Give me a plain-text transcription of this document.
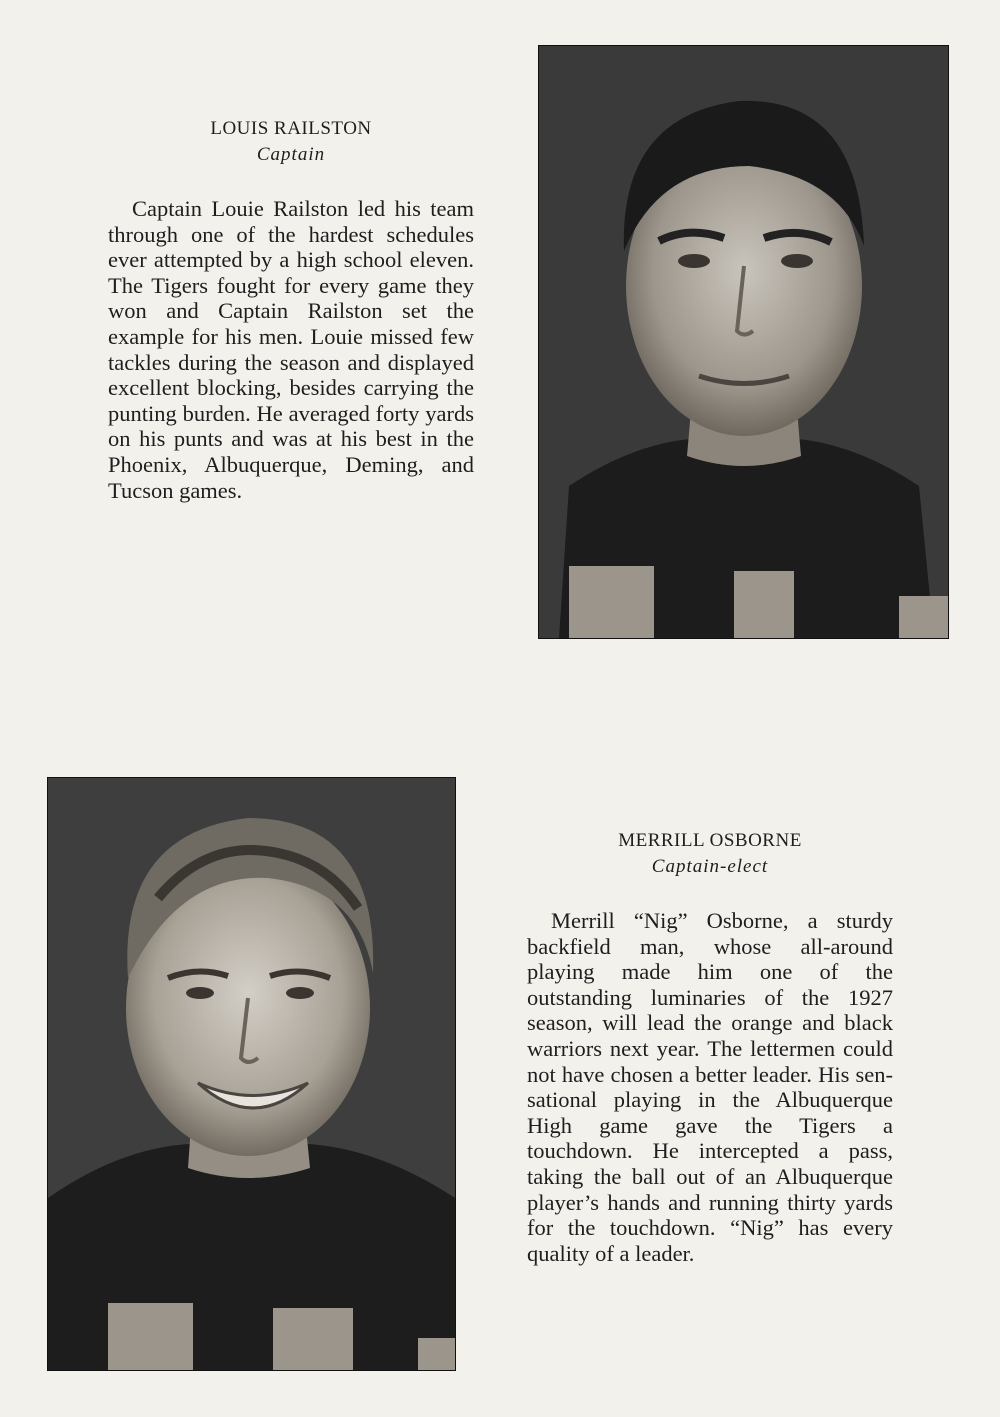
LOUIS RAILSTON
Captain

Captain Louie Railston led his team through one of the hardest schedules ever attempted by a high school eleven. The Tigers fought for every game they won and Captain Railston set the example for his men. Louie missed few tackles during the season and displayed excellent blocking, besides carrying the punting burden. He averaged forty yards on his punts and was at his best in the Phoenix, Albuquerque, Deming, and Tucson games.

MERRILL OSBORNE
Captain-elect

Merrill “Nig” Osborne, a sturdy backfield man, whose all-around playing made him one of the outstanding luminaries of the 1927 season, will lead the orange and black warriors next year. The lettermen could not have chosen a better leader. His sensational playing in the Albuquerque High game gave the Tigers a touchdown. He intercepted a pass, taking the ball out of an Albuquerque player’s hands and running thirty yards for the touchdown. “Nig” has every quality of a leader.
